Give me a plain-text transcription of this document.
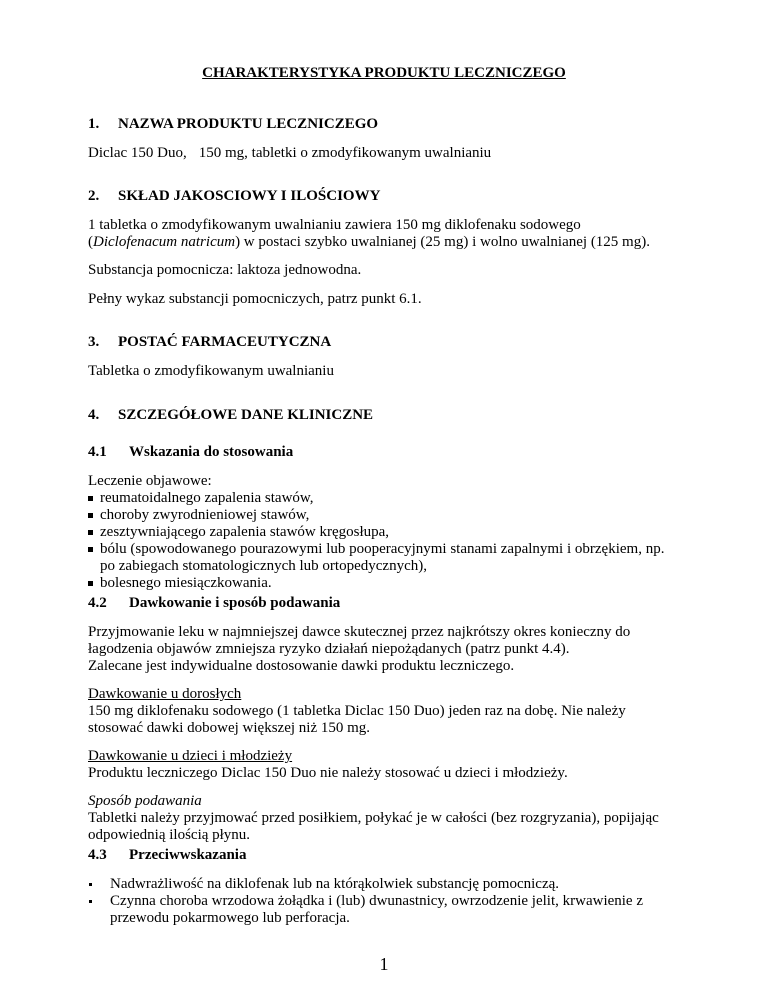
CHARAKTERYSTYKA PRODUKTU LECZNICZEGO
1. NAZWA PRODUKTU LECZNICZEGO
Diclac 150 Duo, 150 mg, tabletki o zmodyfikowanym uwalnianiu
2. SKŁAD JAKOSCIOWY I ILOŚCIOWY
1 tabletka o zmodyfikowanym uwalnianiu zawiera 150 mg diklofenaku sodowego (Diclofenacum natricum) w postaci szybko uwalnianej (25 mg) i wolno uwalnianej (125 mg).
Substancja pomocnicza: laktoza jednowodna.
Pełny wykaz substancji pomocniczych, patrz punkt 6.1.
3. POSTAĆ FARMACEUTYCZNA
Tabletka o zmodyfikowanym uwalnianiu
4. SZCZEGÓŁOWE DANE KLINICZNE
4.1 Wskazania do stosowania
Leczenie objawowe:
reumatoidalnego zapalenia stawów,
choroby zwyrodnieniowej stawów,
zesztywniającego zapalenia stawów kręgosłupa,
bólu (spowodowanego pourazowymi lub pooperacyjnymi stanami zapalnymi i obrzękiem, np. po zabiegach stomatologicznych lub ortopedycznych),
bolesnego miesiączkowania.
4.2 Dawkowanie i sposób podawania
Przyjmowanie leku w najmniejszej dawce skutecznej przez najkrótszy okres konieczny do łagodzenia objawów zmniejsza ryzyko działań niepożądanych (patrz punkt 4.4).
Zalecane jest indywidualne dostosowanie dawki produktu leczniczego.
Dawkowanie u dorosłych
150 mg diklofenaku sodowego (1 tabletka Diclac 150 Duo) jeden raz na dobę. Nie należy stosować dawki dobowej większej niż 150 mg.
Dawkowanie u dzieci i młodzieży
Produktu leczniczego Diclac 150 Duo nie należy stosować u dzieci i młodzieży.
Sposób podawania
Tabletki należy przyjmować przed posiłkiem, połykać je w całości (bez rozgryzania), popijając odpowiednią ilością płynu.
4.3 Przeciwwskazania
Nadwrażliwość na diklofenak lub na którąkolwiek substancję pomocniczą.
Czynna choroba wrzodowa żołądka i (lub) dwunastnicy, owrzodzenie jelit, krwawienie z przewodu pokarmowego lub perforacja.
1
